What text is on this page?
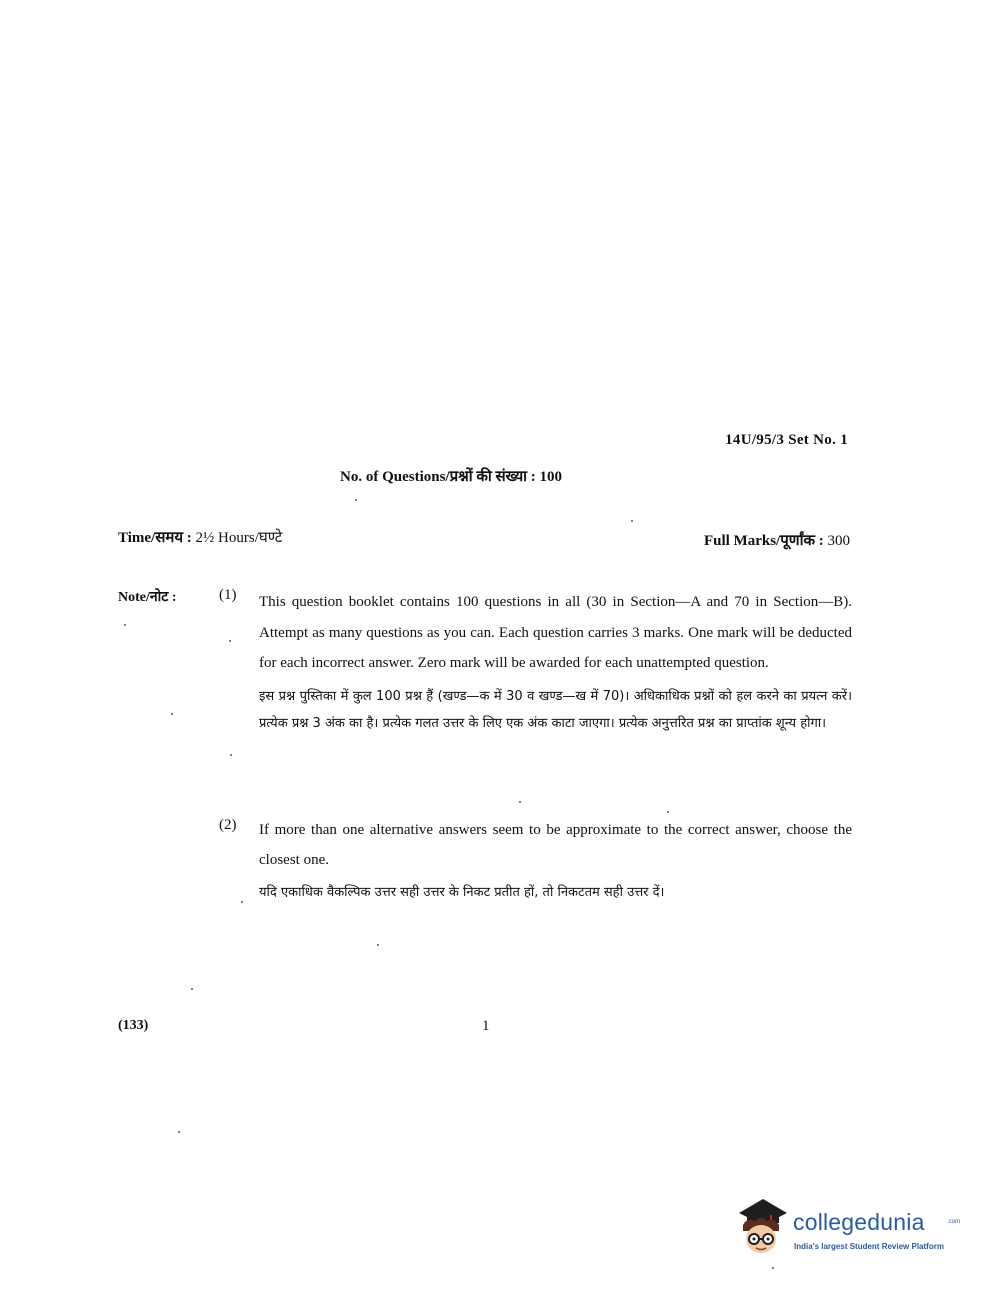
14U/95/3 Set No. 1
No. of Questions/प्रश्नों की संख्या : 100
Time/समय : 2½ Hours/घण्टे	Full Marks/पूर्णांक : 300
Note/नोट :	(1) This question booklet contains 100 questions in all (30 in Section—A and 70 in Section—B). Attempt as many questions as you can. Each question carries 3 marks. One mark will be deducted for each incorrect answer. Zero mark will be awarded for each unattempted question.
इस प्रश्न पुस्तिका में कुल 100 प्रश्न हैं (खण्ड—क में 30 व खण्ड—ख में 70)। अधिकाधिक प्रश्नों को हल करने का प्रयत्न करें। प्रत्येक प्रश्न 3 अंक का है। प्रत्येक गलत उत्तर के लिए एक अंक काटा जाएगा। प्रत्येक अनुत्तरित प्रश्न का प्राप्तांक शून्य होगा।
(2) If more than one alternative answers seem to be approximate to the correct answer, choose the closest one.
यदि एकाधिक वैकल्पिक उत्तर सही उत्तर के निकट प्रतीत हों, तो निकटतम सही उत्तर दें।
(133)	1
collegedunia	.com
India's largest Student Review Platform
